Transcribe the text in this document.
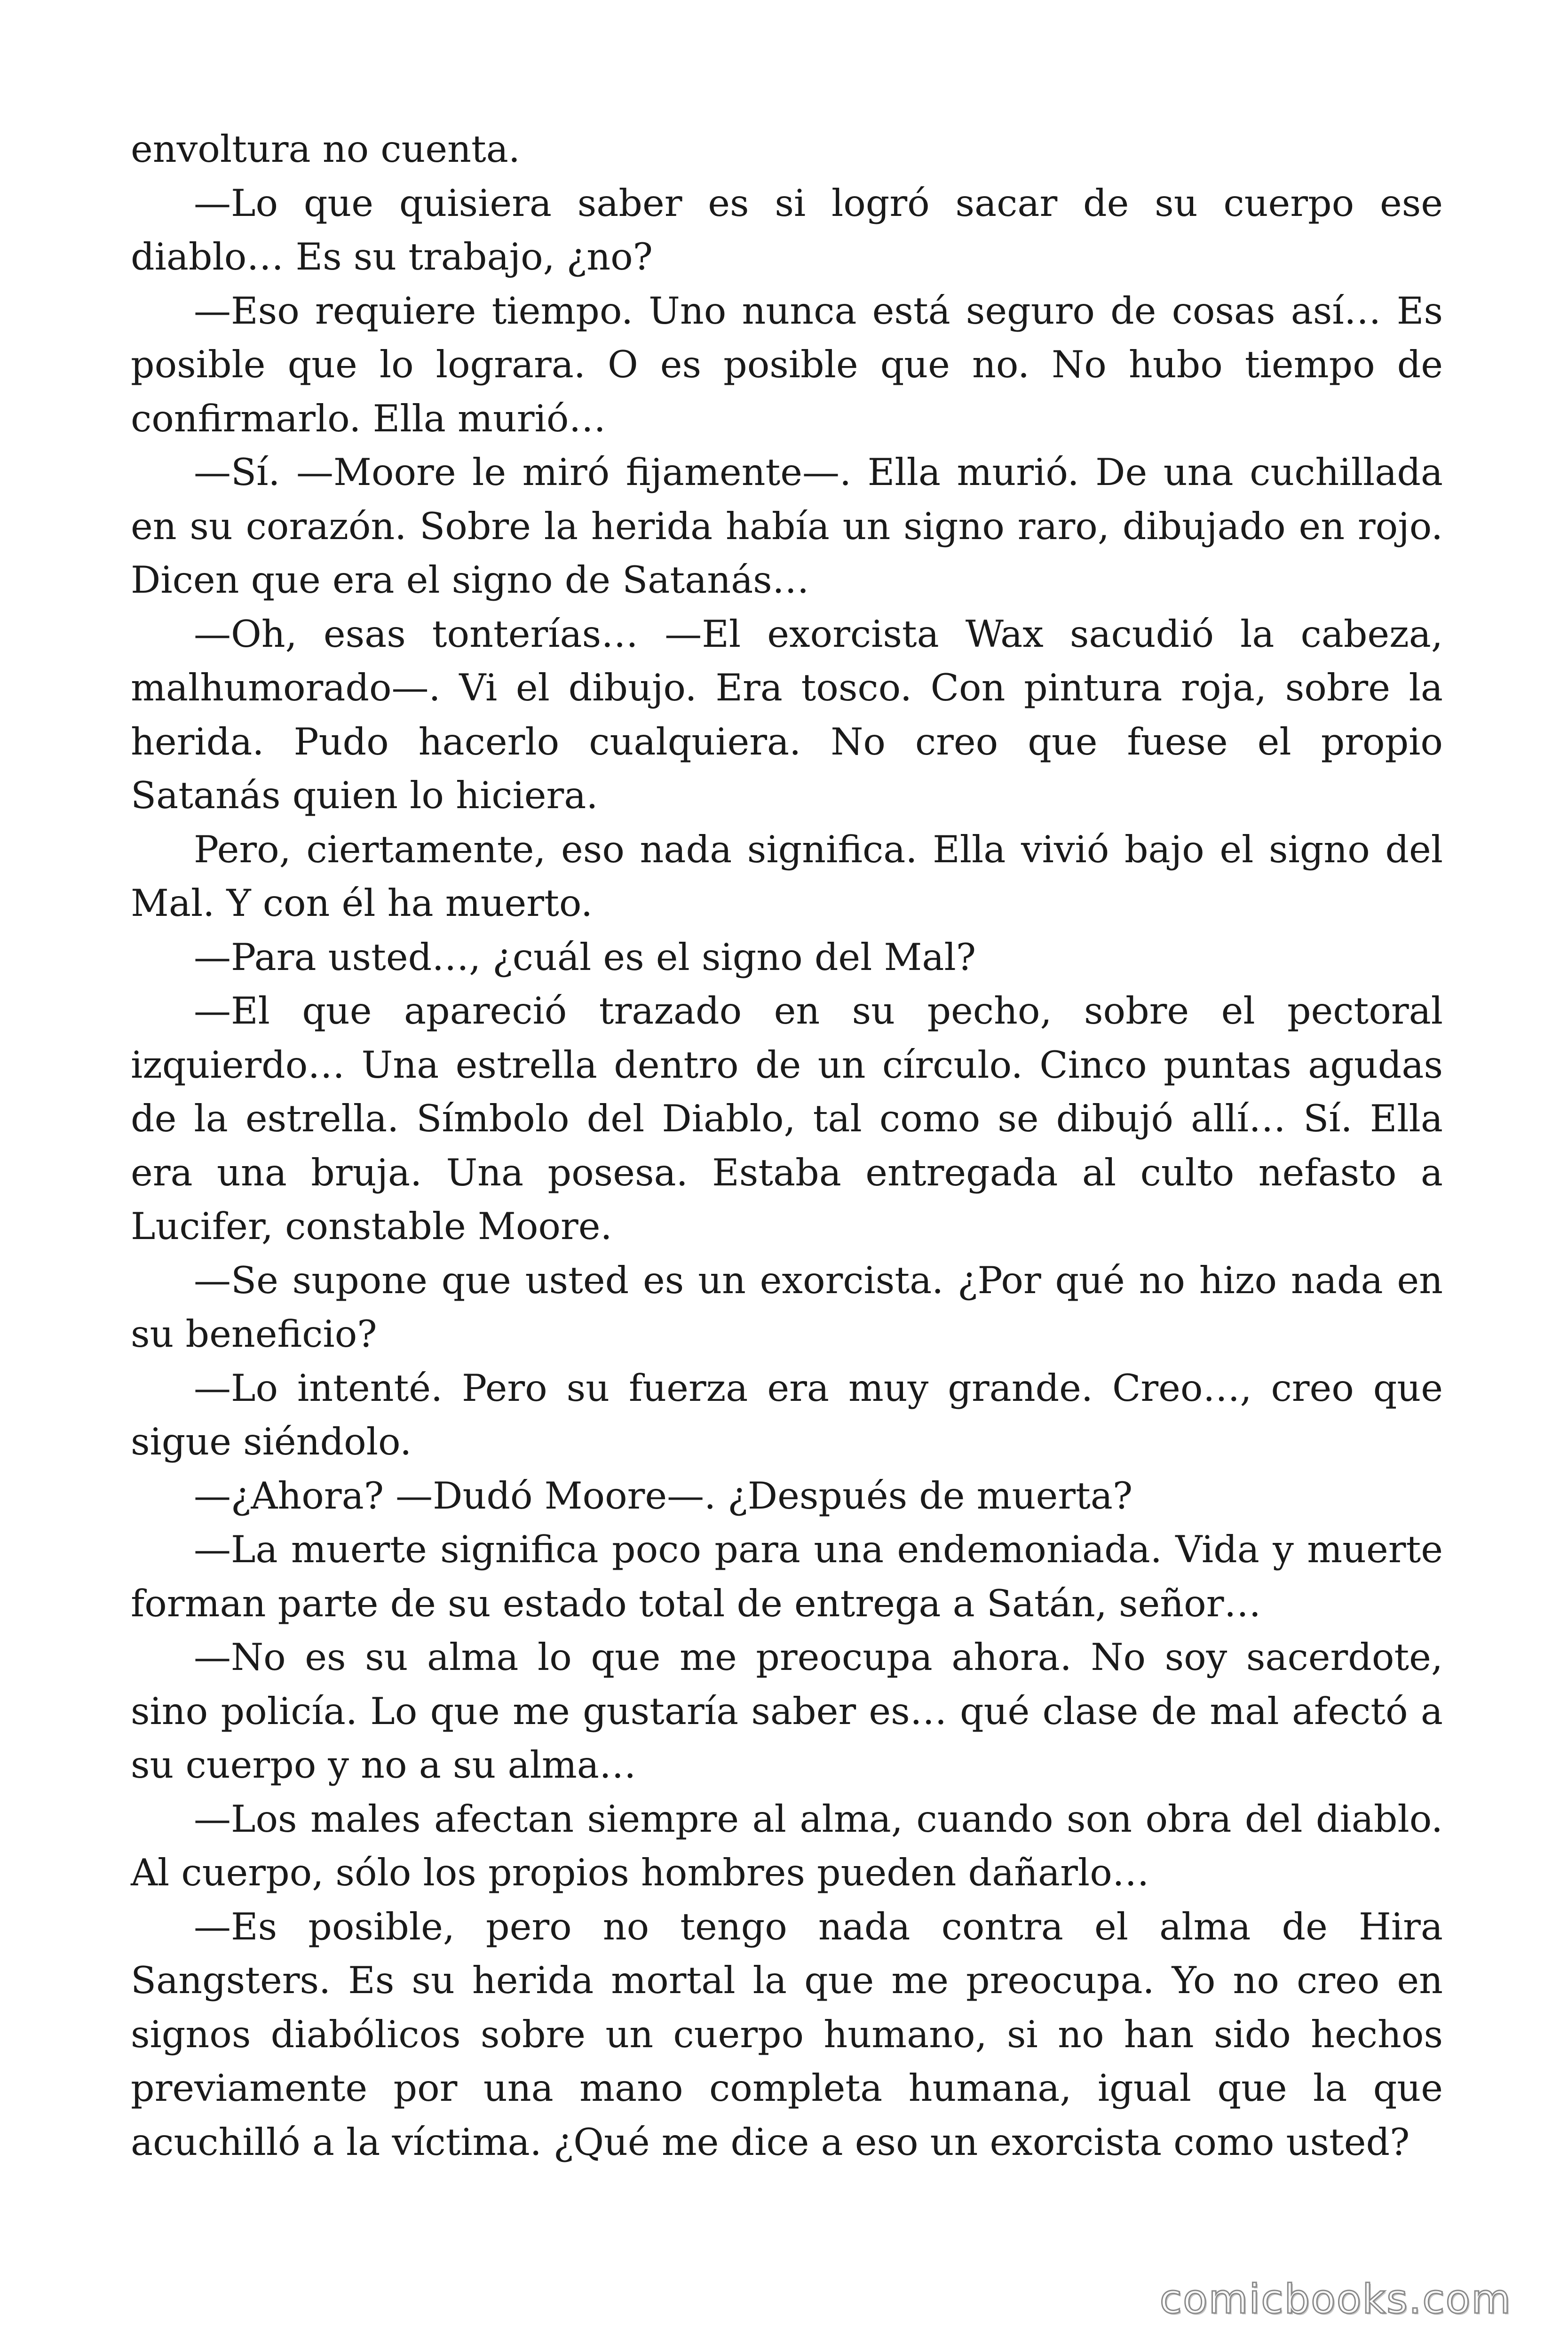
envoltura no cuenta.

—Lo que quisiera saber es si logró sacar de su cuerpo ese diablo… Es su trabajo, ¿no?

—Eso requiere tiempo. Uno nunca está seguro de cosas así… Es posible que lo lograra. O es posible que no. No hubo tiempo de confirmarlo. Ella murió…

—Sí. —Moore le miró fijamente—. Ella murió. De una cuchillada en su corazón. Sobre la herida había un signo raro, dibujado en rojo. Dicen que era el signo de Satanás…

—Oh, esas tonterías… —El exorcista Wax sacudió la cabeza, malhumorado—. Vi el dibujo. Era tosco. Con pintura roja, sobre la herida. Pudo hacerlo cualquiera. No creo que fuese el propio Satanás quien lo hiciera.

Pero, ciertamente, eso nada significa. Ella vivió bajo el signo del Mal. Y con él ha muerto.

—Para usted…, ¿cuál es el signo del Mal?

—El que apareció trazado en su pecho, sobre el pectoral izquierdo… Una estrella dentro de un círculo. Cinco puntas agudas de la estrella. Símbolo del Diablo, tal como se dibujó allí… Sí. Ella era una bruja. Una posesa. Estaba entregada al culto nefasto a Lucifer, constable Moore.

—Se supone que usted es un exorcista. ¿Por qué no hizo nada en su beneficio?

—Lo intenté. Pero su fuerza era muy grande. Creo…, creo que sigue siéndolo.

—¿Ahora? —Dudó Moore—. ¿Después de muerta?

—La muerte significa poco para una endemoniada. Vida y muerte forman parte de su estado total de entrega a Satán, señor…

—No es su alma lo que me preocupa ahora. No soy sacerdote, sino policía. Lo que me gustaría saber es… qué clase de mal afectó a su cuerpo y no a su alma…

—Los males afectan siempre al alma, cuando son obra del diablo. Al cuerpo, sólo los propios hombres pueden dañarlo…

—Es posible, pero no tengo nada contra el alma de Hira Sangsters. Es su herida mortal la que me preocupa. Yo no creo en signos diabólicos sobre un cuerpo humano, si no han sido hechos previamente por una mano completa humana, igual que la que acuchilló a la víctima. ¿Qué me dice a eso un exorcista como usted?

comicbooks.com
